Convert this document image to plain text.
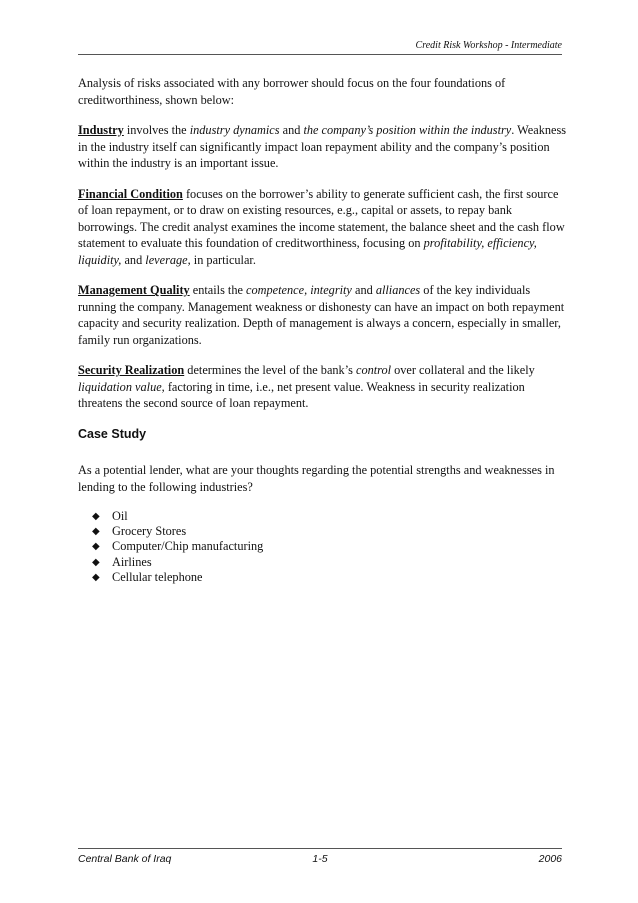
Credit Risk Workshop - Intermediate

Analysis of risks associated with any borrower should focus on the four foundations of creditworthiness, shown below:

Industry involves the industry dynamics and the company’s position within the industry. Weakness in the industry itself can significantly impact loan repayment ability and the company’s position within the industry is an important issue.

Financial Condition focuses on the borrower’s ability to generate sufficient cash, the first source of loan repayment, or to draw on existing resources, e.g., capital or assets, to repay bank borrowings. The credit analyst examines the income statement, the balance sheet and the cash flow statement to evaluate this foundation of creditworthiness, focusing on profitability, efficiency, liquidity, and leverage, in particular.

Management Quality entails the competence, integrity and alliances of the key individuals running the company. Management weakness or dishonesty can have an impact on both repayment capacity and security realization. Depth of management is always a concern, especially in smaller, family run organizations.

Security Realization determines the level of the bank’s control over collateral and the likely liquidation value, factoring in time, i.e., net present value. Weakness in security realization threatens the second source of loan repayment.

Case Study

As a potential lender, what are your thoughts regarding the potential strengths and weaknesses in lending to the following industries?

◆ Oil
◆ Grocery Stores
◆ Computer/Chip manufacturing
◆ Airlines
◆ Cellular telephone
Central Bank of Iraq	1-5	2006
